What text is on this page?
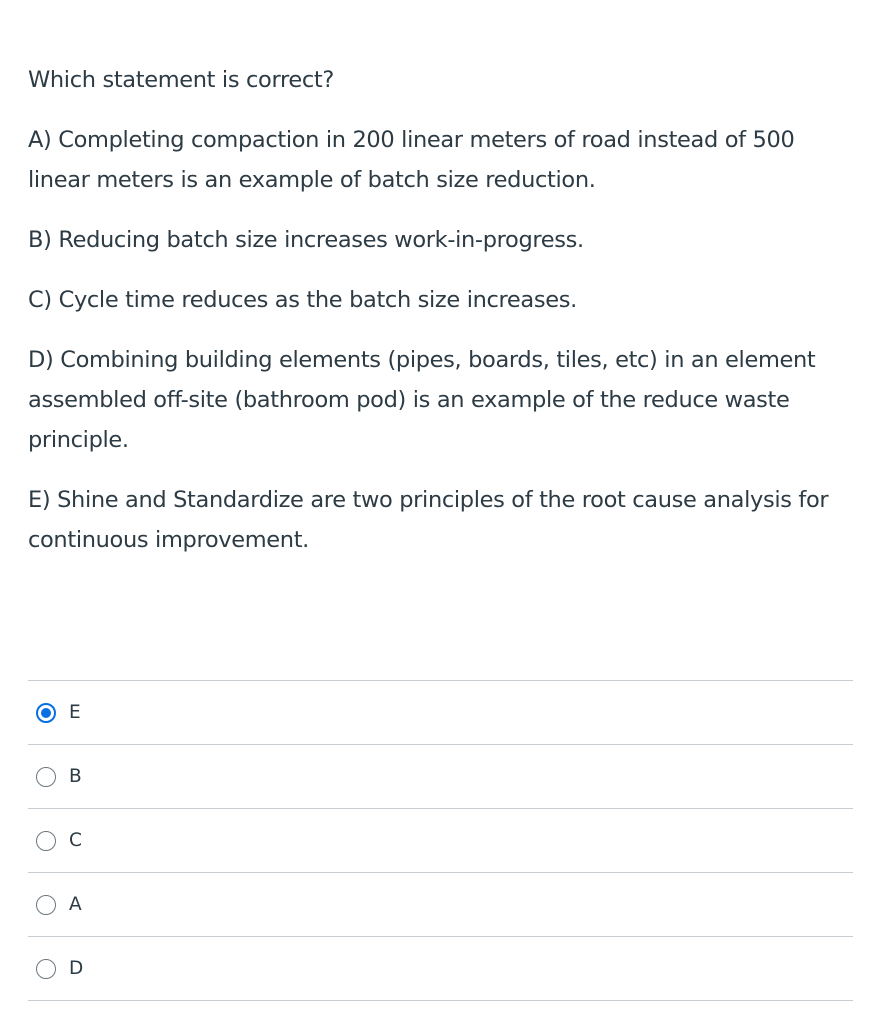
Which statement is correct?

A) Completing compaction in 200 linear meters of road instead of 500 linear meters is an example of batch size reduction.

B) Reducing batch size increases work-in-progress.

C) Cycle time reduces as the batch size increases.

D) Combining building elements (pipes, boards, tiles, etc) in an element assembled off-site (bathroom pod) is an example of the reduce waste principle.

E) Shine and Standardize are two principles of the root cause analysis for continuous improvement.

E
B
C
A
D
